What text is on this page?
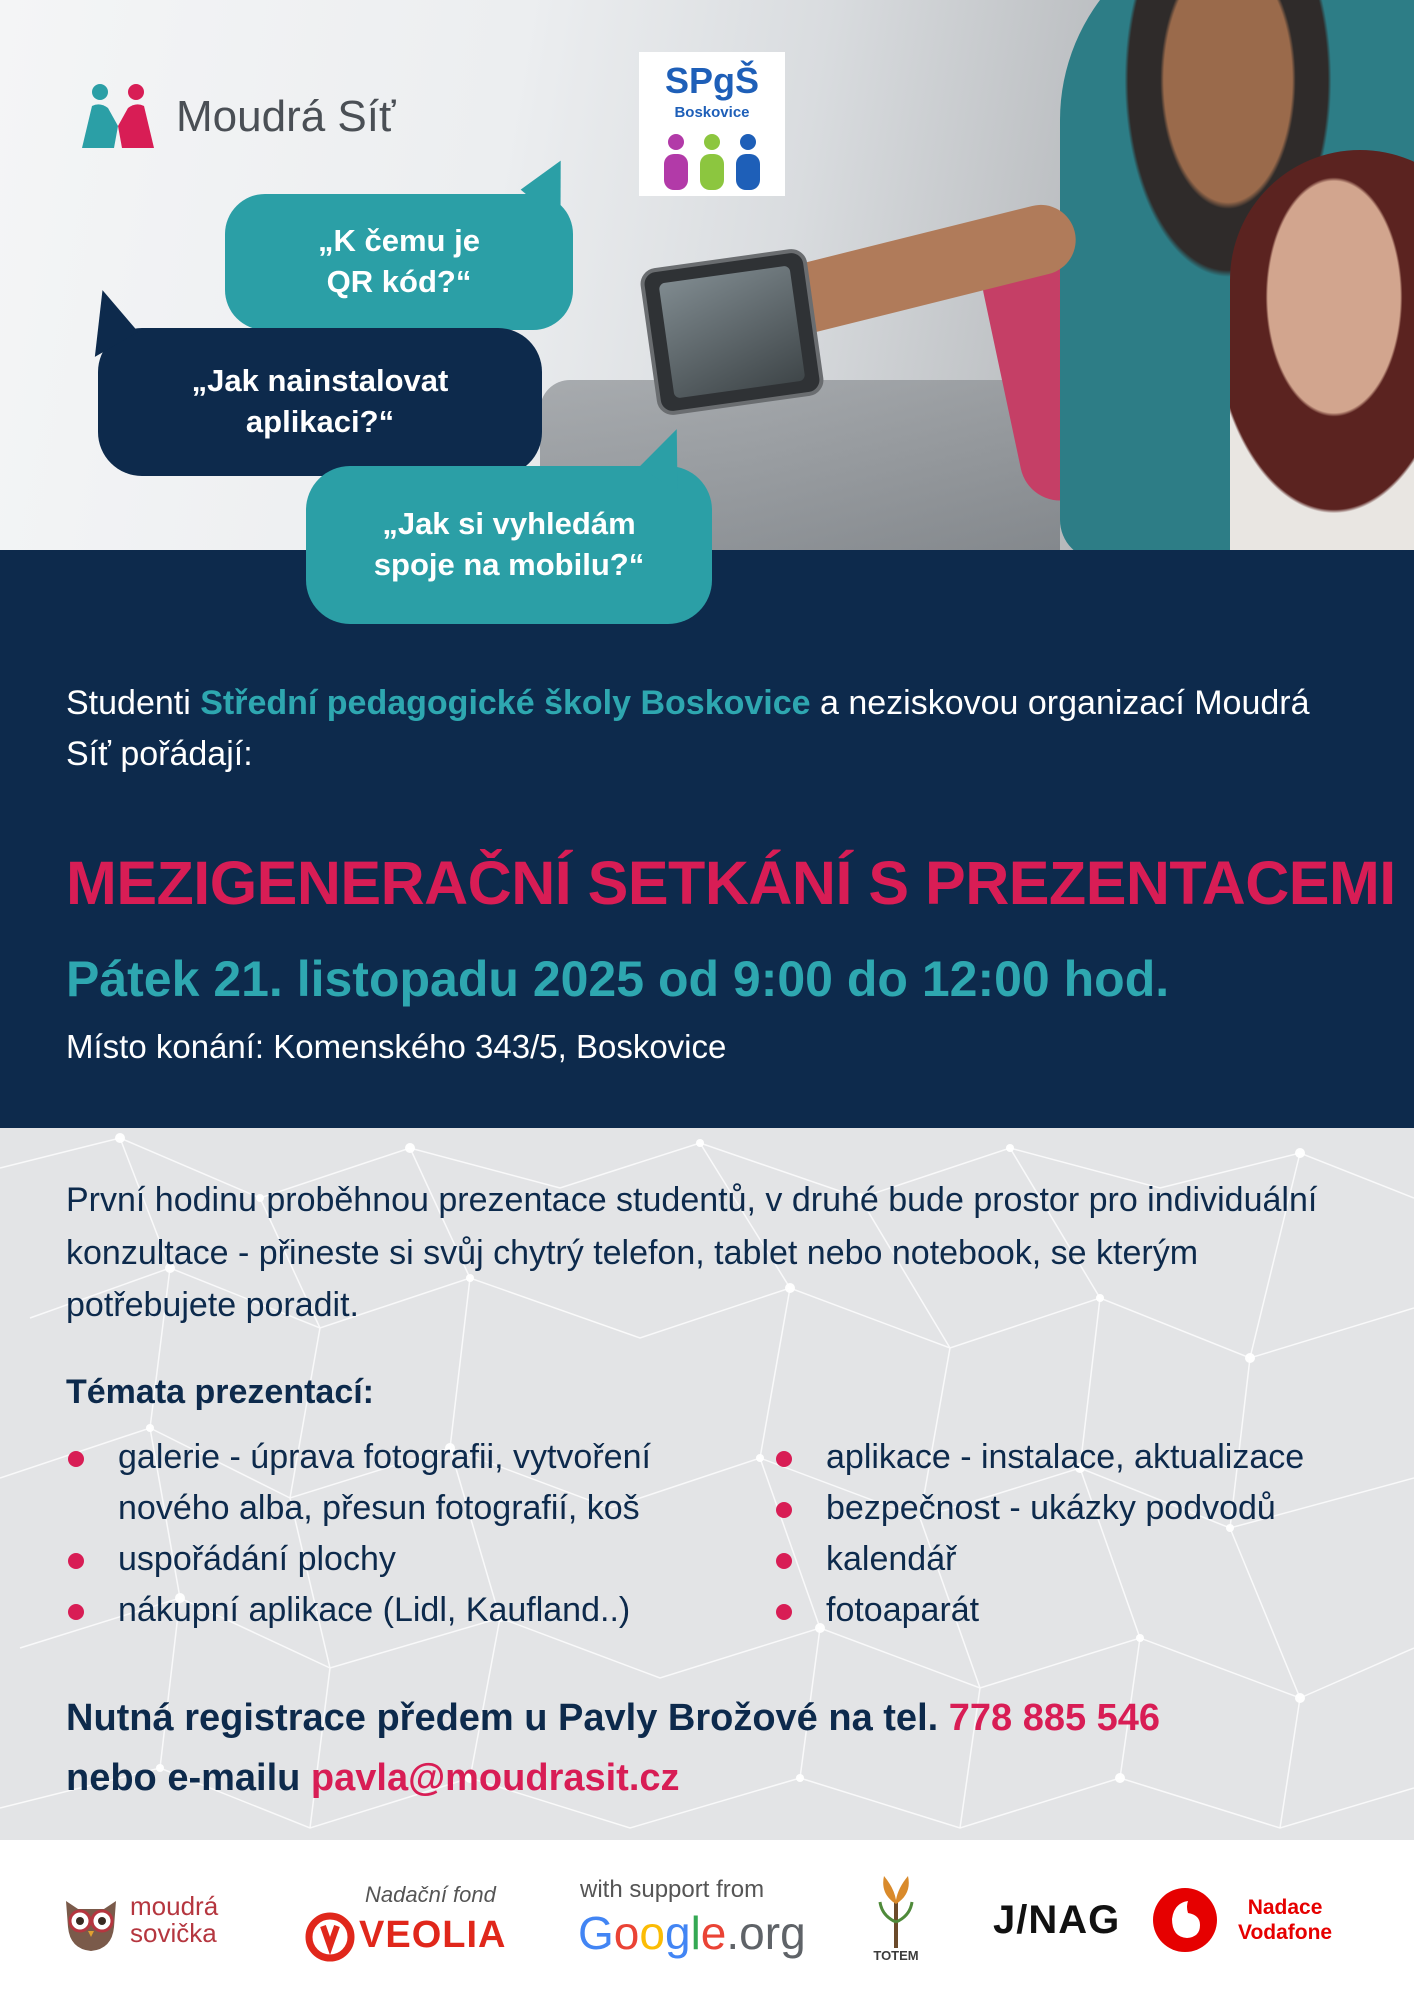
Moudrá Síť
SPgŠ
Boskovice
„K čemu je
QR kód?“
„Jak nainstalovat
aplikaci?“
„Jak si vyhledám
spoje na mobilu?“
Studenti Střední pedagogické školy Boskovice a neziskovou organizací Moudrá Síť pořádají:
MEZIGENERAČNÍ SETKÁNÍ S PREZENTACEMI
Pátek 21. listopadu 2025 od 9:00 do 12:00 hod.
Místo konání: Komenského 343/5, Boskovice
První hodinu proběhnou prezentace studentů, v druhé bude prostor pro individuální konzultace - přineste si svůj chytrý telefon, tablet nebo notebook, se kterým potřebujete poradit.
Témata prezentací:
galerie - úprava fotografii, vytvoření nového alba, přesun fotografií, koš
uspořádání plochy
nákupní aplikace (Lidl, Kaufland..)
aplikace - instalace, aktualizace
bezpečnost - ukázky podvodů
kalendář
fotoaparát
Nutná registrace předem u Pavly Brožové na tel. 778 885 546
nebo e-mailu pavla@moudrasit.cz
moudrá
sovička
Nadační fond
VEOLIA
with support from
Google.org	TOTEM
J/NAG	Nadace
Vodafone
